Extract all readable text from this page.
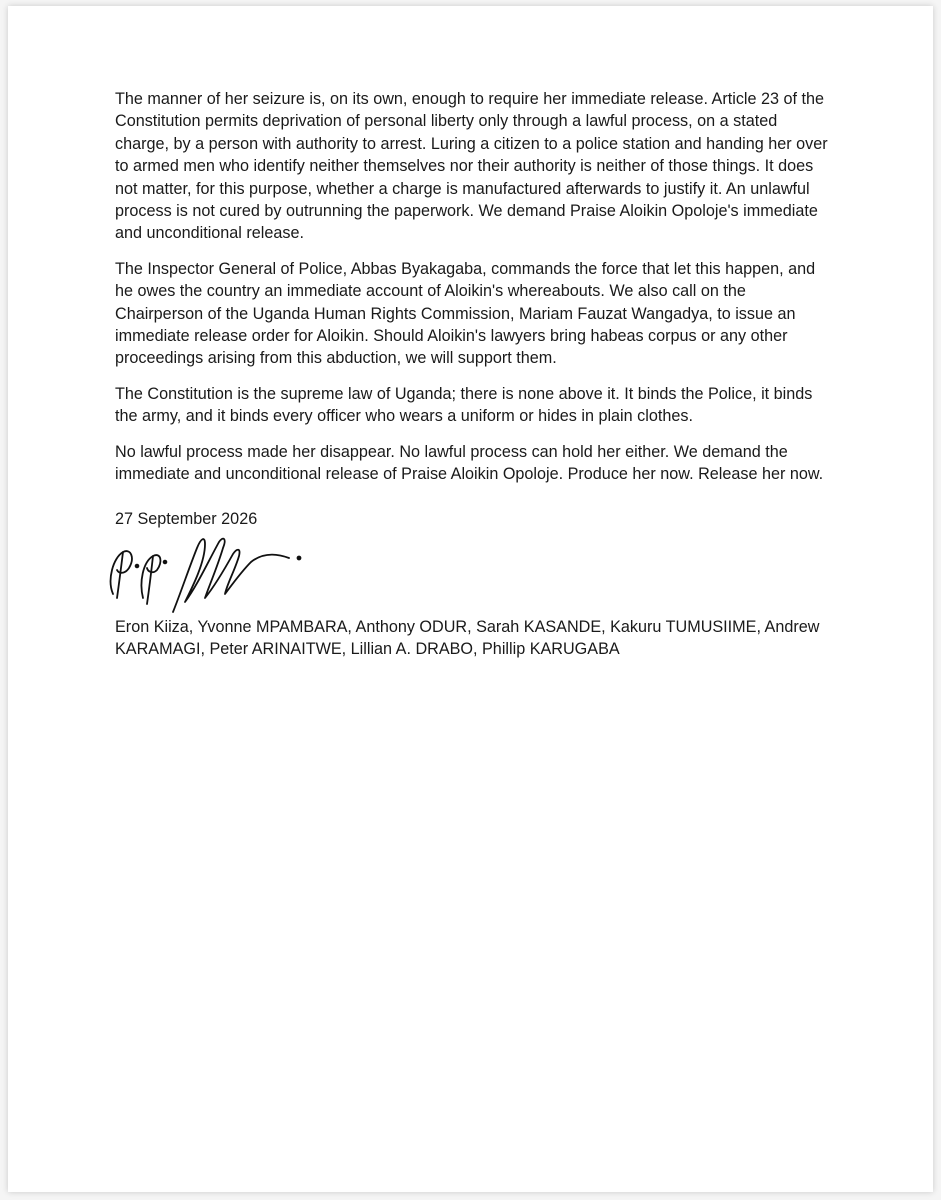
The manner of her seizure is, on its own, enough to require her immediate release. Article 23 of the Constitution permits deprivation of personal liberty only through a lawful process, on a stated charge, by a person with authority to arrest. Luring a citizen to a police station and handing her over to armed men who identify neither themselves nor their authority is neither of those things. It does not matter, for this purpose, whether a charge is manufactured afterwards to justify it. An unlawful process is not cured by outrunning the paperwork. We demand Praise Aloikin Opoloje's immediate and unconditional release.

The Inspector General of Police, Abbas Byakagaba, commands the force that let this happen, and he owes the country an immediate account of Aloikin's whereabouts. We also call on the Chairperson of the Uganda Human Rights Commission, Mariam Fauzat Wangadya, to issue an immediate release order for Aloikin. Should Aloikin's lawyers bring habeas corpus or any other proceedings arising from this abduction, we will support them.

The Constitution is the supreme law of Uganda; there is none above it. It binds the Police, it binds the army, and it binds every officer who wears a uniform or hides in plain clothes.

No lawful process made her disappear. No lawful process can hold her either. We demand the immediate and unconditional release of Praise Aloikin Opoloje. Produce her now. Release her now.

27 September 2026

Eron Kiiza, Yvonne MPAMBARA, Anthony ODUR, Sarah KASANDE, Kakuru TUMUSIIME, Andrew KARAMAGI, Peter ARINAITWE, Lillian A. DRABO, Phillip KARUGABA
